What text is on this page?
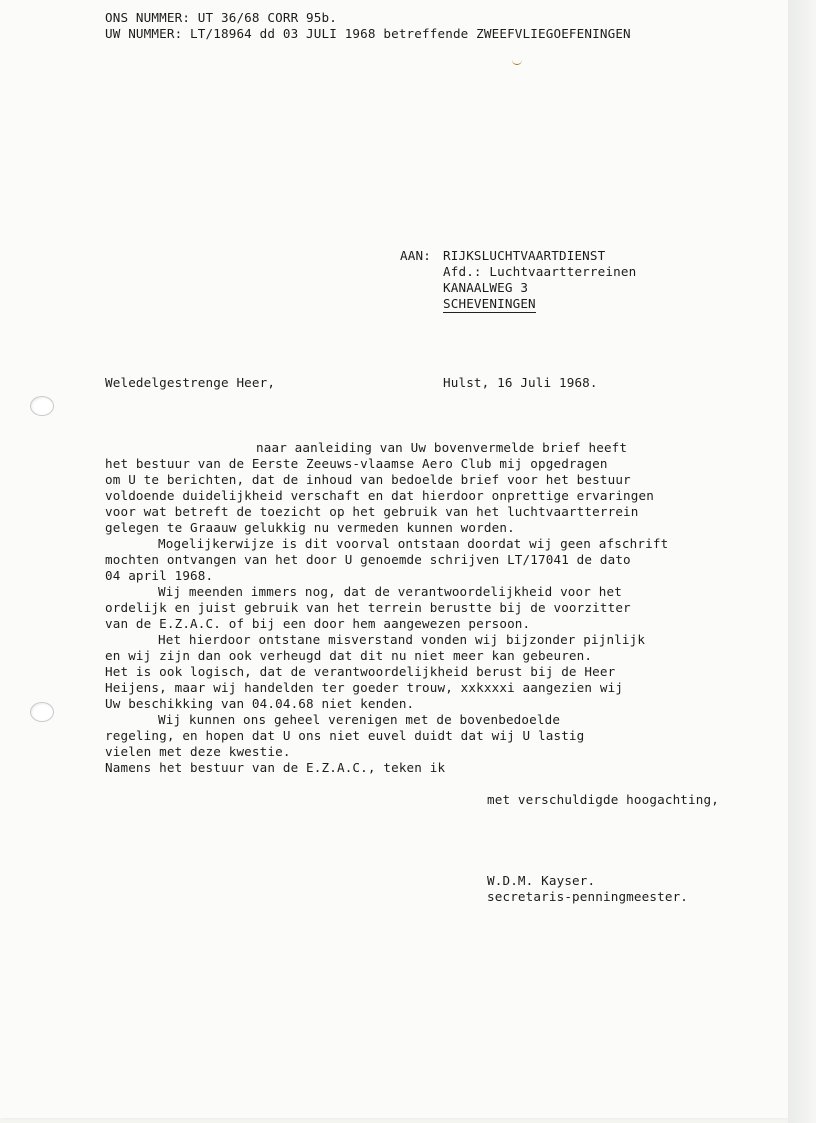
ONS NUMMER: UT 36/68 CORR 95b.
UW NUMMER: LT/18964 dd 03 JULI 1968 betreffende ZWEEFVLIEGOEFENINGEN
AAN: RIJKSLUCHTVAARTDIENST
Afd.: Luchtvaartterreinen
KANAALWEG 3
SCHEVENINGEN
Weledelgestrenge Heer,	Hulst, 16 Juli 1968.
naar aanleiding van Uw bovenvermelde brief heeft
het bestuur van de Eerste Zeeuws-vlaamse Aero Club mij opgedragen
om U te berichten, dat de inhoud van bedoelde brief voor het bestuur
voldoende duidelijkheid verschaft en dat hierdoor onprettige ervaringen
voor wat betreft de toezicht op het gebruik van het luchtvaartterrein
gelegen te Graauw gelukkig nu vermeden kunnen worden.
Mogelijkerwijze is dit voorval ontstaan doordat wij geen afschrift
mochten ontvangen van het door U genoemde schrijven LT/17041 de dato
04 april 1968.
Wij meenden immers nog, dat de verantwoordelijkheid voor het
ordelijk en juist gebruik van het terrein berustte bij de voorzitter
van de E.Z.A.C. of bij een door hem aangewezen persoon.
Het hierdoor ontstane misverstand vonden wij bijzonder pijnlijk
en wij zijn dan ook verheugd dat dit nu niet meer kan gebeuren.
Het is ook logisch, dat de verantwoordelijkheid berust bij de Heer
Heijens, maar wij handelden ter goeder trouw, xxkxxxi aangezien wij
Uw beschikking van 04.04.68 niet kenden.
Wij kunnen ons geheel verenigen met de bovenbedoelde
regeling, en hopen dat U ons niet euvel duidt dat wij U lastig
vielen met deze kwestie.
Namens het bestuur van de E.Z.A.C., teken ik
met verschuldigde hoogachting,
W.D.M. Kayser.
secretaris-penningmeester.
